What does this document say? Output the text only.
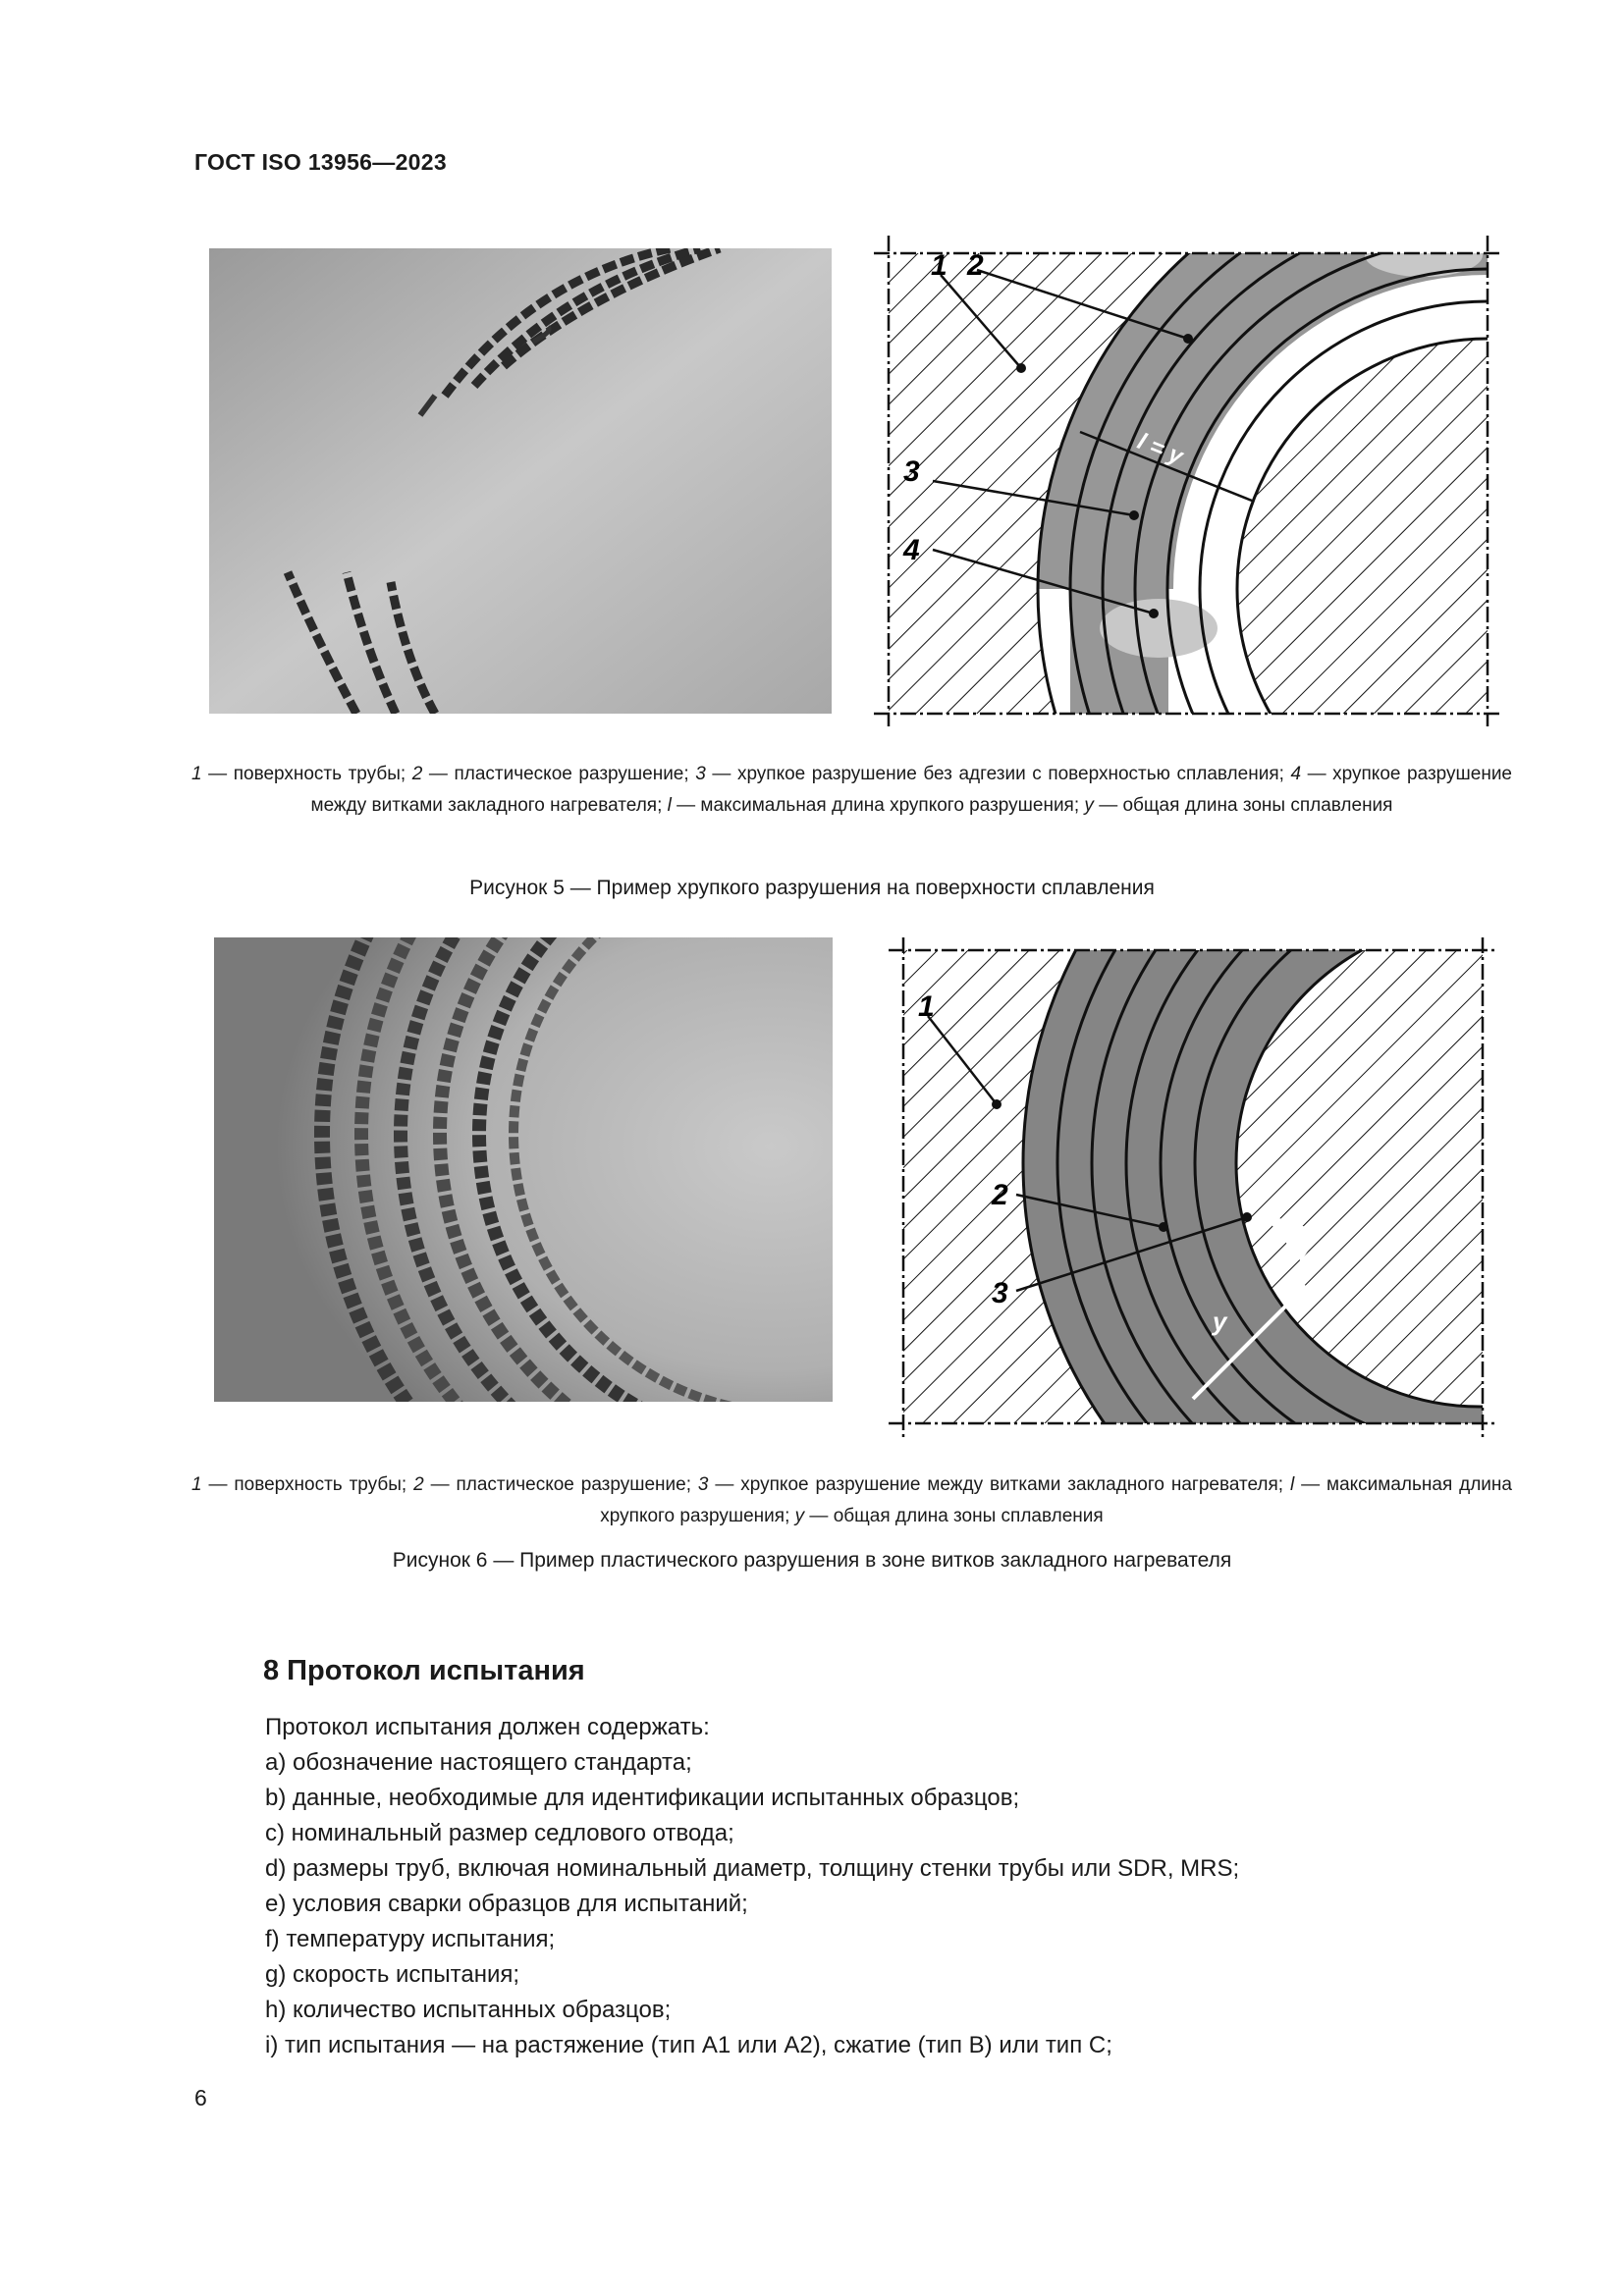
ГОСТ ISO 13956—2023
1 2
3
4
l = y
1 — поверхность трубы; 2 — пластическое разрушение; 3 — хрупкое разрушение без адгезии с поверхностью сплавления; 4 — хрупкое разрушение между витками закладного нагревателя; l — максимальная длина хрупкого разрушения; y — общая длина зоны сплавления
Рисунок 5 — Пример хрупкого разрушения на поверхности сплавления
1
2
3
l
y
1 — поверхность трубы; 2 — пластическое разрушение; 3 — хрупкое разрушение между витками закладного нагревателя; l — максимальная длина хрупкого разрушения; y — общая длина зоны сплавления
Рисунок 6 — Пример пластического разрушения в зоне витков закладного нагревателя
8 Протокол испытания
Протокол испытания должен содержать:
a) обозначение настоящего стандарта;
b) данные, необходимые для идентификации испытанных образцов;
c) номинальный размер седлового отвода;
d) размеры труб, включая номинальный диаметр, толщину стенки трубы или SDR, MRS;
e) условия сварки образцов для испытаний;
f) температуру испытания;
g) скорость испытания;
h) количество испытанных образцов;
i) тип испытания — на растяжение (тип A1 или A2), сжатие (тип B) или тип C;
6
